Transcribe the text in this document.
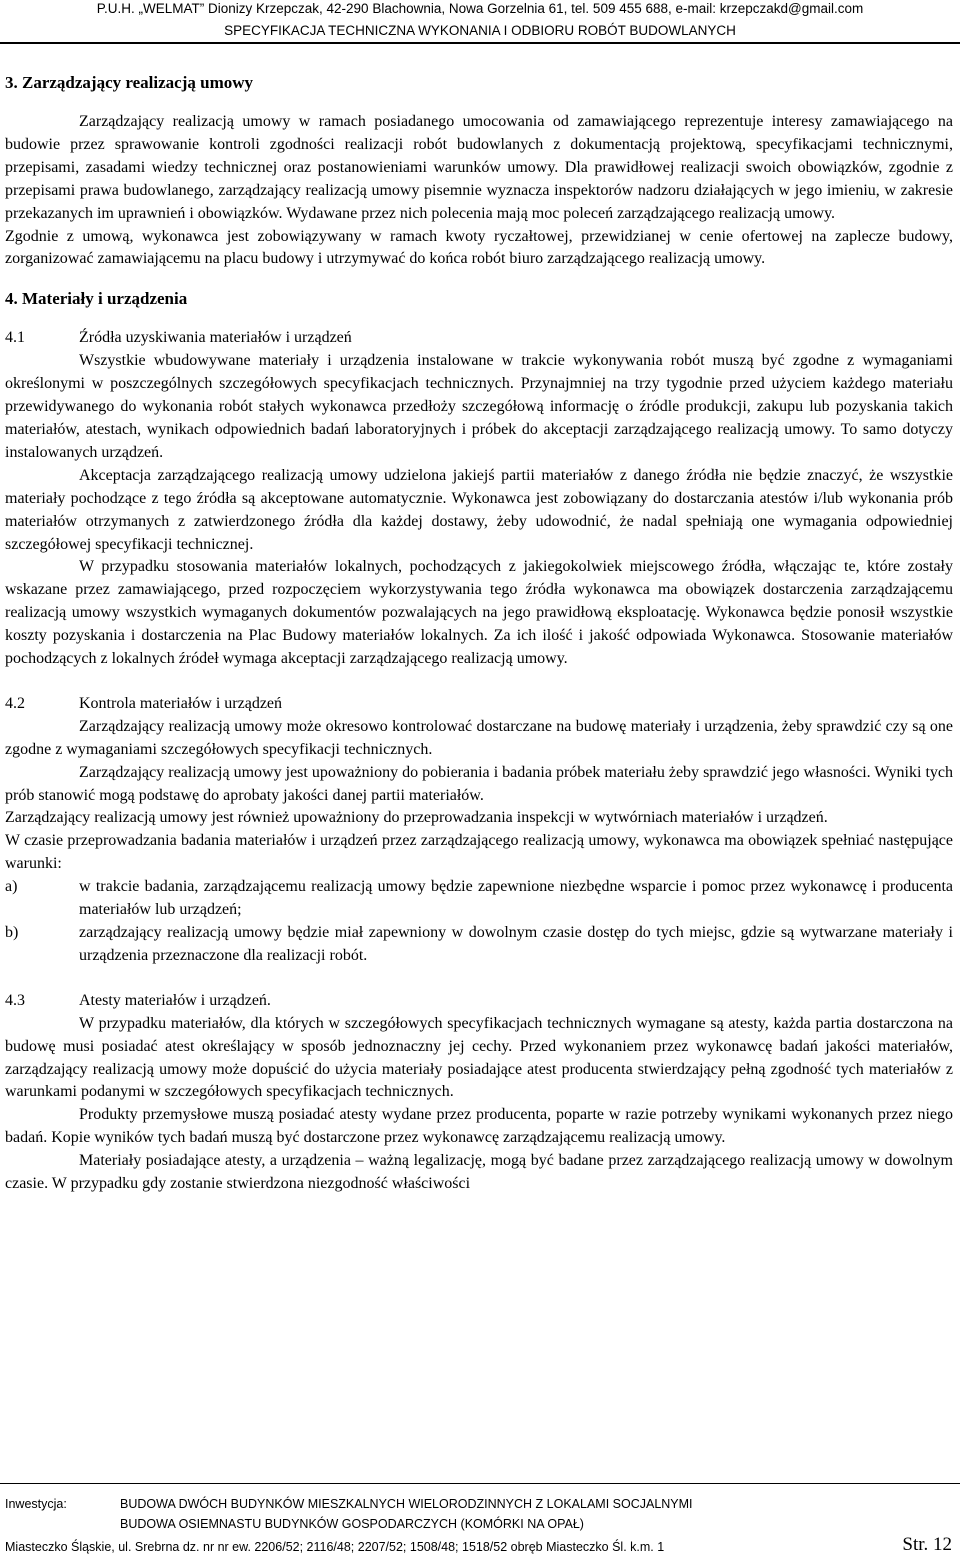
P.U.H. „WELMAT” Dionizy Krzepczak, 42-290 Blachownia, Nowa Gorzelnia 61, tel. 509 455 688, e-mail: krzepczakd@gmail.com
SPECYFIKACJA TECHNICZNA WYKONANIA I ODBIORU ROBÓT BUDOWLANYCH
3. Zarządzający realizacją umowy

Zarządzający realizacją umowy w ramach posiadanego umocowania od zamawiającego reprezentuje interesy zamawiającego na budowie przez sprawowanie kontroli zgodności realizacji robót budowlanych z dokumentacją projektową, specyfikacjami technicznymi, przepisami, zasadami wiedzy technicznej oraz postanowieniami warunków umowy. Dla prawidłowej realizacji swoich obowiązków, zgodnie z przepisami prawa budowlanego, zarządzający realizacją umowy pisemnie wyznacza inspektorów nadzoru działających w jego imieniu, w zakresie przekazanych im uprawnień i obowiązków. Wydawane przez nich polecenia mają moc poleceń zarządzającego realizacją umowy.

Zgodnie z umową, wykonawca jest zobowiązywany w ramach kwoty ryczałtowej, przewidzianej w cenie ofertowej na zaplecze budowy, zorganizować zamawiającemu na placu budowy i utrzymywać do końca robót biuro zarządzającego realizacją umowy.

4. Materiały i urządzenia
4.1	Źródła uzyskiwania materiałów i urządzeń

Wszystkie wbudowywane materiały i urządzenia instalowane w trakcie wykonywania robót muszą być zgodne z wymaganiami określonymi w poszczególnych szczegółowych specyfikacjach technicznych. Przynajmniej na trzy tygodnie przed użyciem każdego materiału przewidywanego do wykonania robót stałych wykonawca przedłoży szczegółową informację o źródle produkcji, zakupu lub pozyskania takich materiałów, atestach, wynikach odpowiednich badań laboratoryjnych i próbek do akceptacji zarządzającego realizacją umowy. To samo dotyczy instalowanych urządzeń.

Akceptacja zarządzającego realizacją umowy udzielona jakiejś partii materiałów z danego źródła nie będzie znaczyć, że wszystkie materiały pochodzące z tego źródła są akceptowane automatycznie. Wykonawca jest zobowiązany do dostarczania atestów i/lub wykonania prób materiałów otrzymanych z zatwierdzonego źródła dla każdej dostawy, żeby udowodnić, że nadal spełniają one wymagania odpowiedniej szczegółowej specyfikacji technicznej.

W przypadku stosowania materiałów lokalnych, pochodzących z jakiegokolwiek miejscowego źródła, włączając te, które zostały wskazane przez zamawiającego, przed rozpoczęciem wykorzystywania tego źródła wykonawca ma obowiązek dostarczenia zarządzającemu realizacją umowy wszystkich wymaganych dokumentów pozwalających na jego prawidłową eksploatację. Wykonawca będzie ponosił wszystkie koszty pozyskania i dostarczenia na Plac Budowy materiałów lokalnych. Za ich ilość i jakość odpowiada Wykonawca. Stosowanie materiałów pochodzących z lokalnych źródeł wymaga akceptacji zarządzającego realizacją umowy.

4.2	Kontrola materiałów i urządzeń

Zarządzający realizacją umowy może okresowo kontrolować dostarczane na budowę materiały i urządzenia, żeby sprawdzić czy są one zgodne z wymaganiami szczegółowych specyfikacji technicznych.

Zarządzający realizacją umowy jest upoważniony do pobierania i badania próbek materiału żeby sprawdzić jego własności. Wyniki tych prób stanowić mogą podstawę do aprobaty jakości danej partii materiałów.

Zarządzający realizacją umowy jest również upoważniony do przeprowadzania inspekcji w wytwórniach materiałów i urządzeń.

W czasie przeprowadzania badania materiałów i urządzeń przez zarządzającego realizacją umowy, wykonawca ma obowiązek spełniać następujące warunki:

a)	w trakcie badania, zarządzającemu realizacją umowy będzie zapewnione niezbędne wsparcie i pomoc przez wykonawcę i producenta materiałów lub urządzeń;
b)	zarządzający realizacją umowy będzie miał zapewniony w dowolnym czasie dostęp do tych miejsc, gdzie są wytwarzane materiały i urządzenia przeznaczone dla realizacji robót.
4.3	Atesty materiałów i urządzeń.

W przypadku materiałów, dla których w szczegółowych specyfikacjach technicznych wymagane są atesty, każda partia dostarczona na budowę musi posiadać atest określający w sposób jednoznaczny jej cechy. Przed wykonaniem przez wykonawcę badań jakości materiałów, zarządzający realizacją umowy może dopuścić do użycia materiały posiadające atest producenta stwierdzający pełną zgodność tych materiałów z warunkami podanymi w szczegółowych specyfikacjach technicznych.

Produkty przemysłowe muszą posiadać atesty wydane przez producenta, poparte w razie potrzeby wynikami wykonanych przez niego badań. Kopie wyników tych badań muszą być dostarczone przez wykonawcę zarządzającemu realizacją umowy.

Materiały posiadające atesty, a urządzenia – ważną legalizację, mogą być badane przez zarządzającego realizacją umowy w dowolnym czasie. W przypadku gdy zostanie stwierdzona niezgodność właściwości

Inwestycja:	BUDOWA DWÓCH BUDYNKÓW MIESZKALNYCH WIELORODZINNYCH Z LOKALAMI SOCJALNYMI
BUDOWA OSIEMNASTU BUDYNKÓW GOSPODARCZYCH (KOMÓRKI NA OPAŁ)
Miasteczko Śląskie, ul. Srebrna dz. nr nr ew. 2206/52; 2116/48; 2207/52; 1508/48; 1518/52 obręb Miasteczko Śl. k.m. 1	Str. 12
